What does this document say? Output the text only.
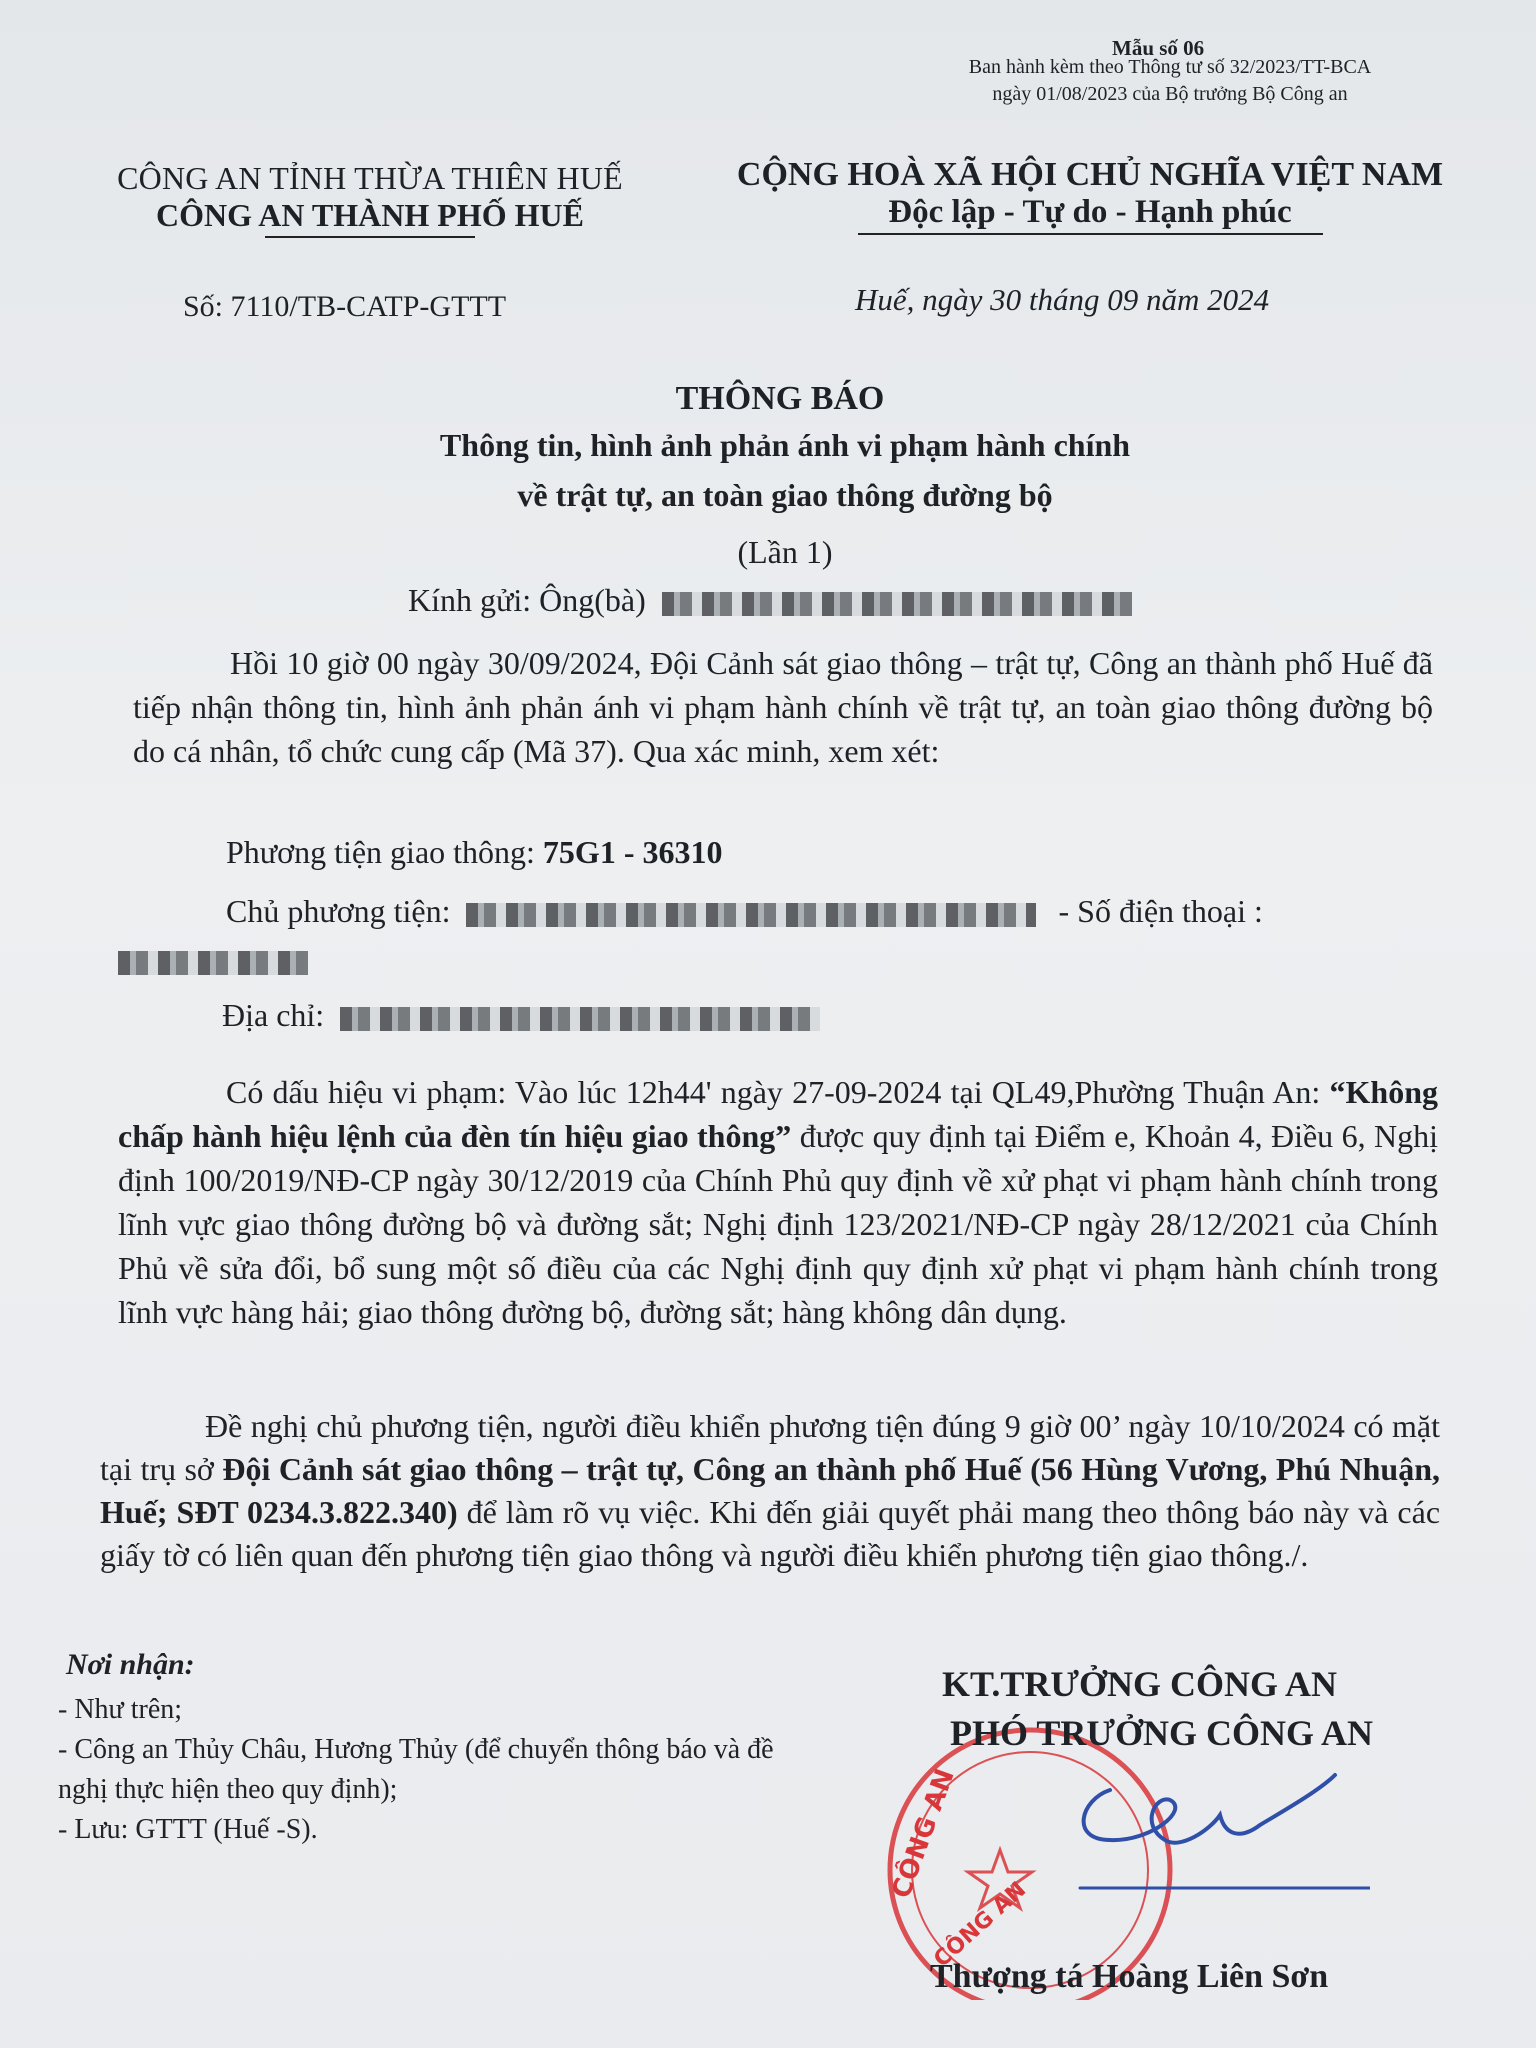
Mẫu số 06
Ban hành kèm theo Thông tư số 32/2023/TT-BCA
ngày 01/08/2023 của Bộ trưởng Bộ Công an
CÔNG AN TỈNH THỪA THIÊN HUẾ
CÔNG AN THÀNH PHỐ HUẾ
CỘNG HOÀ XÃ HỘI CHỦ NGHĨA VIỆT NAM
Độc lập - Tự do - Hạnh phúc
Số: 7110/TB-CATP-GTTT	Huế, ngày 30 tháng 09 năm 2024
THÔNG BÁO
Thông tin, hình ảnh phản ánh vi phạm hành chính
về trật tự, an toàn giao thông đường bộ
(Lần 1)
Kính gửi: Ông(bà)
Hồi 10 giờ 00 ngày 30/09/2024, Đội Cảnh sát giao thông – trật tự, Công an thành phố Huế đã tiếp nhận thông tin, hình ảnh phản ánh vi phạm hành chính về trật tự, an toàn giao thông đường bộ do cá nhân, tổ chức cung cấp (Mã 37). Qua xác minh, xem xét:
Phương tiện giao thông: 75G1 - 36310
Chủ phương tiện:	- Số điện thoại :
Địa chỉ:
Có dấu hiệu vi phạm: Vào lúc 12h44' ngày 27-09-2024 tại QL49,Phường Thuận An: “Không chấp hành hiệu lệnh của đèn tín hiệu giao thông” được quy định tại Điểm e, Khoản 4, Điều 6, Nghị định 100/2019/NĐ-CP ngày 30/12/2019 của Chính Phủ quy định về xử phạt vi phạm hành chính trong lĩnh vực giao thông đường bộ và đường sắt; Nghị định 123/2021/NĐ-CP ngày 28/12/2021 của Chính Phủ về sửa đổi, bổ sung một số điều của các Nghị định quy định xử phạt vi phạm hành chính trong lĩnh vực hàng hải; giao thông đường bộ, đường sắt; hàng không dân dụng.
Đề nghị chủ phương tiện, người điều khiển phương tiện đúng 9 giờ 00’ ngày 10/10/2024 có mặt tại trụ sở Đội Cảnh sát giao thông – trật tự, Công an thành phố Huế (56 Hùng Vương, Phú Nhuận, Huế; SĐT 0234.3.822.340) để làm rõ vụ việc. Khi đến giải quyết phải mang theo thông báo này và các giấy tờ có liên quan đến phương tiện giao thông và người điều khiển phương tiện giao thông./.
Nơi nhận:
- Như trên;
- Công an Thủy Châu, Hương Thủy (để chuyển thông báo và đề nghị thực hiện theo quy định);
- Lưu: GTTT (Huế -S).	CÔNG AN
CÔNG AN
KT.TRƯỞNG CÔNG AN
PHÓ TRƯỞNG CÔNG AN
Thượng tá Hoàng Liên Sơn
